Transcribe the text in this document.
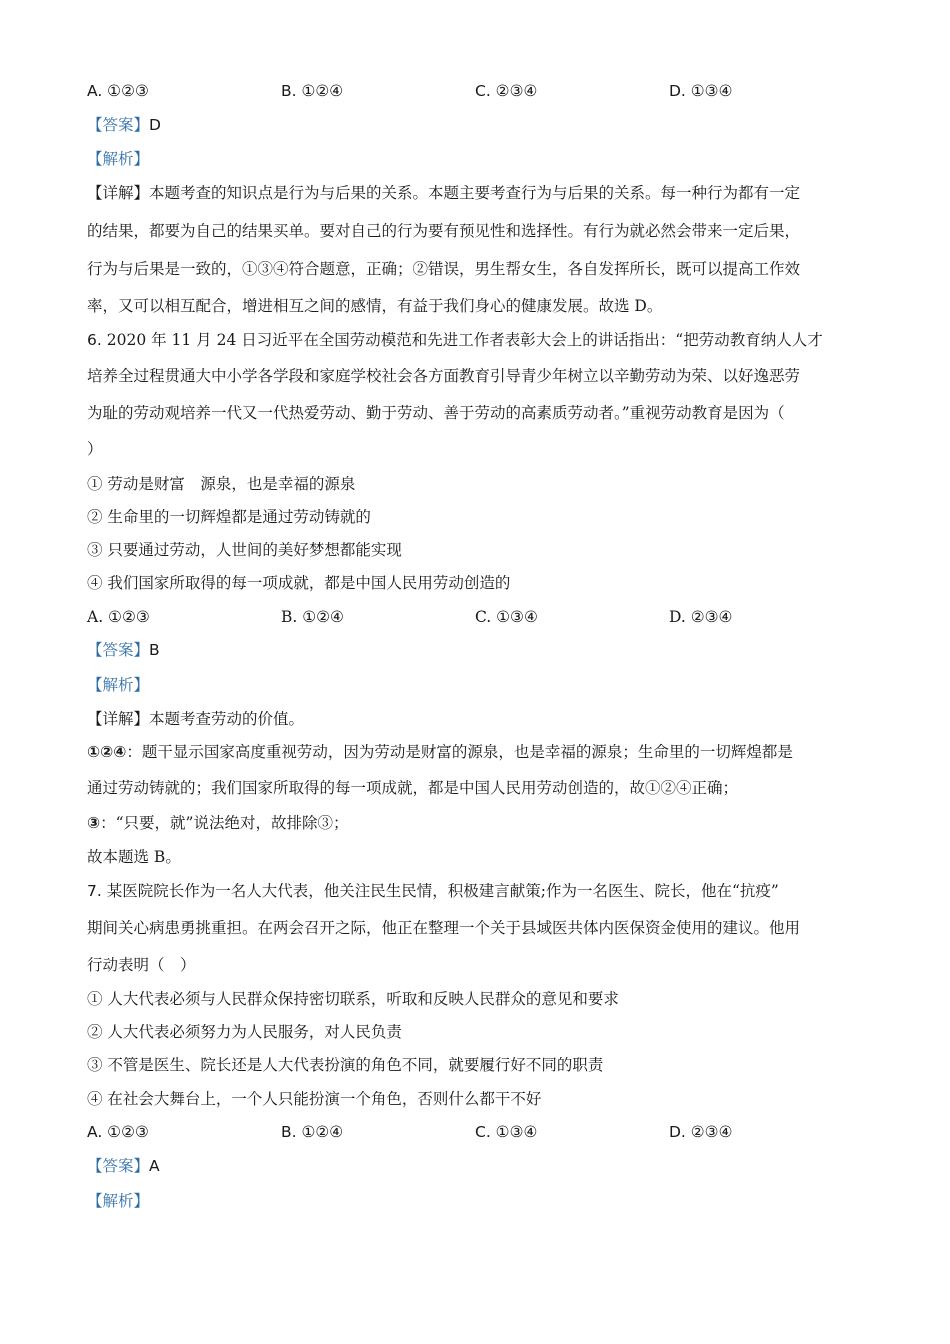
A. ①②③	B. ①②④	C. ②③④	D. ①③④
【答案】D
【解析】
【详解】本题考查的知识点是行为与后果的关系。本题主要考查行为与后果的关系。每一种行为都有一定
的结果，都要为自己的结果买单。要对自己的行为要有预见性和选择性。有行为就必然会带来一定后果，
行为与后果是一致的，①③④符合题意，正确；②错误，男生帮女生，各自发挥所长，既可以提高工作效
率，又可以相互配合，增进相互之间的感情，有益于我们身心的健康发展。故选 D。
6. 2020 年 11 月 24 日习近平在全国劳动模范和先进工作者表彰大会上的讲话指出：“把劳动教育纳人人才
培养全过程贯通大中小学各学段和家庭学校社会各方面教育引导青少年树立以辛勤劳动为荣、以好逸恶劳
为耻的劳动观培养一代又一代热爱劳动、勤于劳动、善于劳动的高素质劳动者。”重视劳动教育是因为（
）
① 劳动是财富　源泉，也是幸福的源泉
② 生命里的一切辉煌都是通过劳动铸就的
③ 只要通过劳动，人世间的美好梦想都能实现
④ 我们国家所取得的每一项成就，都是中国人民用劳动创造的
A. ①②③	B. ①②④	C. ①③④	D. ②③④
【答案】B
【解析】
【详解】本题考查劳动的价值。
①②④：题干显示国家高度重视劳动，因为劳动是财富的源泉，也是幸福的源泉；生命里的一切辉煌都是
通过劳动铸就的；我们国家所取得的每一项成就，都是中国人民用劳动创造的，故①②④正确；
③：“只要，就”说法绝对，故排除③；
故本题选 B。
7. 某医院院长作为一名人大代表，他关注民生民情，积极建言献策;作为一名医生、院长，他在“抗疫”
期间关心病患勇挑重担。在两会召开之际，他正在整理一个关于县域医共体内医保资金使用的建议。他用
行动表明（　）
① 人大代表必须与人民群众保持密切联系，听取和反映人民群众的意见和要求
② 人大代表必须努力为人民服务，对人民负责
③ 不管是医生、院长还是人大代表扮演的角色不同，就要履行好不同的职责
④ 在社会大舞台上，一个人只能扮演一个角色，否则什么都干不好
A. ①②③	B. ①②④	C. ①③④	D. ②③④
【答案】A
【解析】
